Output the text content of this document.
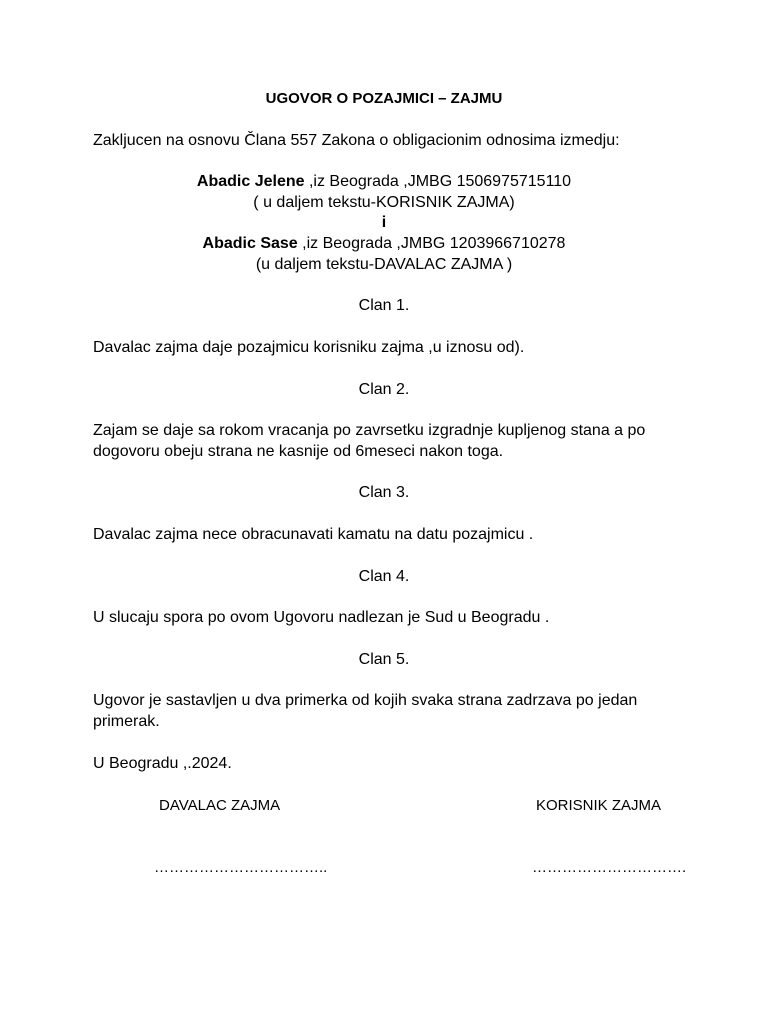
UGOVOR O POZAJMICI – ZAJMU
Zakljucen na osnovu Člana 557 Zakona o obligacionim odnosima izmedju:
Abadic Jelene ,iz Beograda ,JMBG 1506975715110
( u daljem tekstu-KORISNIK ZAJMA)
i
Abadic Sase ,iz Beograda ,JMBG 1203966710278
(u daljem tekstu-DAVALAC ZAJMA )
Clan 1.
Davalac zajma daje pozajmicu korisniku zajma ,u iznosu od).
Clan 2.
Zajam se daje sa rokom vracanja po zavrsetku izgradnje kupljenog stana a po
dogovoru obeju strana ne kasnije od 6meseci nakon toga.
Clan 3.
Davalac zajma nece obracunavati kamatu na datu pozajmicu .
Clan 4.
U slucaju spora po ovom Ugovoru nadlezan je Sud u Beogradu .
Clan 5.
Ugovor je sastavljen u dva primerka od kojih svaka strana zadrzava po jedan
primerak.
U Beogradu ,.2024.
DAVALAC ZAJMA	KORISNIK ZAJMA
……………………………..	………………………….
